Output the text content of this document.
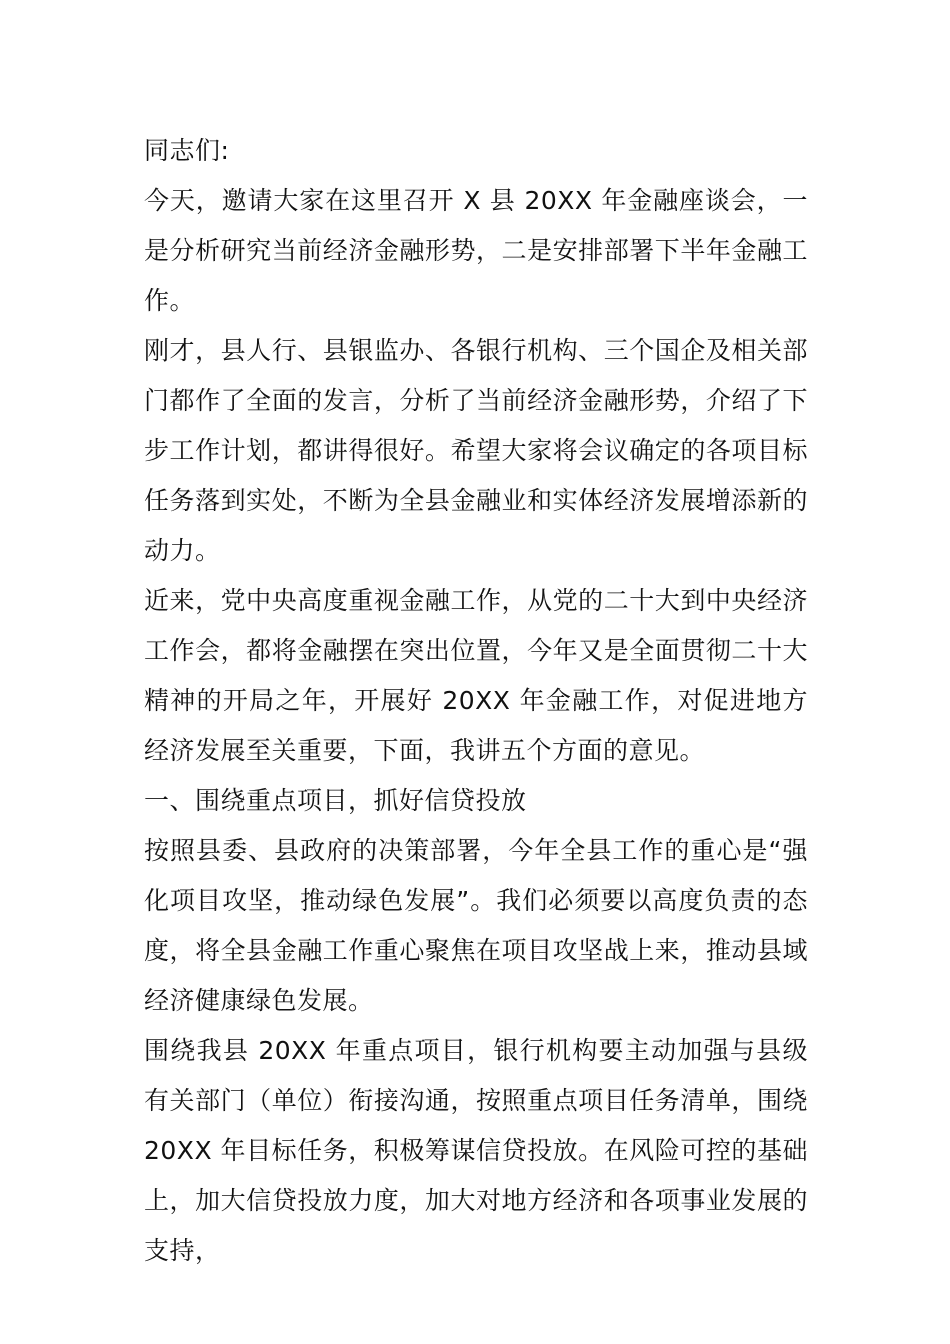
同志们:

今天，邀请大家在这里召开 X 县 20XX 年金融座谈会，一是分析研究当前经济金融形势，二是安排部署下半年金融工作。

刚才，县人行、县银监办、各银行机构、三个国企及相关部门都作了全面的发言，分析了当前经济金融形势，介绍了下步工作计划，都讲得很好。希望大家将会议确定的各项目标任务落到实处，不断为全县金融业和实体经济发展增添新的动力。

近来，党中央高度重视金融工作，从党的二十大到中央经济工作会，都将金融摆在突出位置，今年又是全面贯彻二十大精神的开局之年，开展好 20XX 年金融工作，对促进地方经济发展至关重要，下面，我讲五个方面的意见。

一、围绕重点项目，抓好信贷投放

按照县委、县政府的决策部署，今年全县工作的重心是“强化项目攻坚，推动绿色发展”。我们必须要以高度负责的态度，将全县金融工作重心聚焦在项目攻坚战上来，推动县域经济健康绿色发展。

围绕我县 20XX 年重点项目，银行机构要主动加强与县级有关部门（单位）衔接沟通，按照重点项目任务清单，围绕 20XX 年目标任务，积极筹谋信贷投放。在风险可控的基础上，加大信贷投放力度，加大对地方经济和各项事业发展的支持，
